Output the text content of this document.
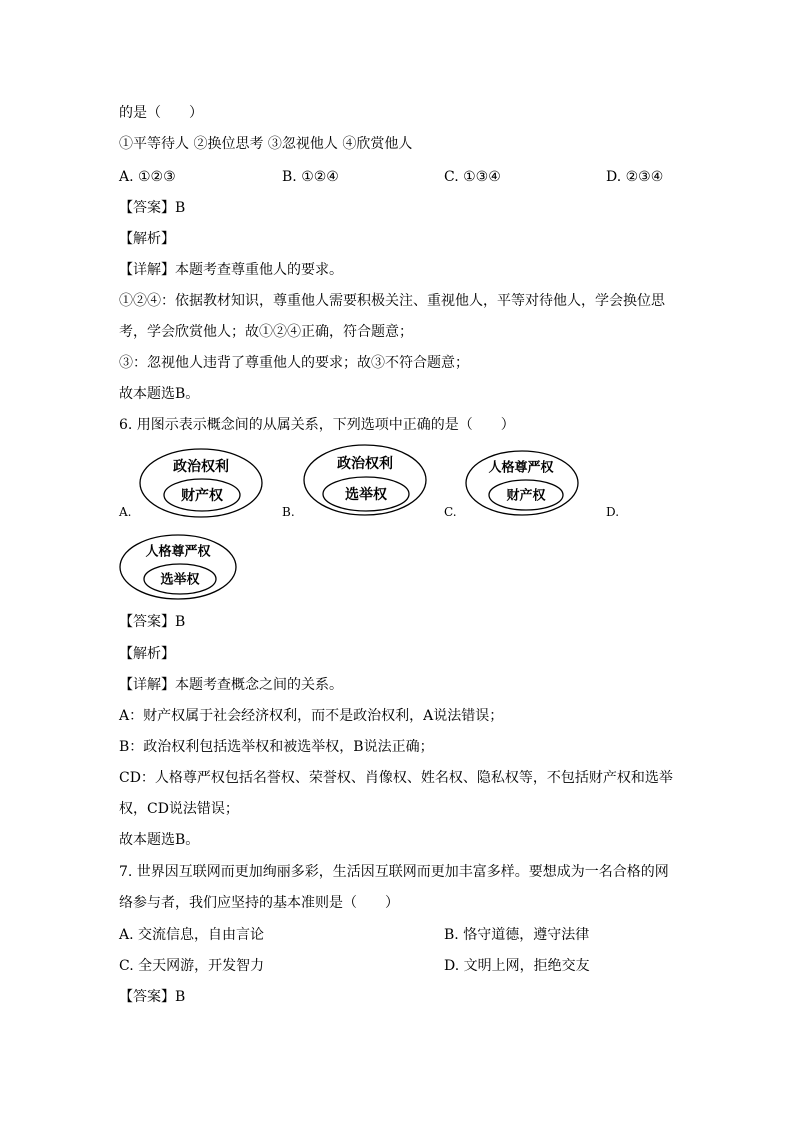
的是（　　）
①平等待人 ②换位思考 ③忽视他人 ④欣赏他人
A. ①②③	B. ①②④	C. ①③④	D. ②③④
【答案】B
【解析】
【详解】本题考查尊重他人的要求。
①②④：依据教材知识，尊重他人需要积极关注、重视他人，平等对待他人，学会换位思
考，学会欣赏他人；故①②④正确，符合题意；
③：忽视他人违背了尊重他人的要求；故③不符合题意；
故本题选B。
6. 用图示表示概念间的从属关系，下列选项中正确的是（　　）
A.
政治权利
财产权
B.
政治权利
选举权
C.
人格尊严权
财产权
D.
人格尊严权
选举权
【答案】B
【解析】
【详解】本题考查概念之间的关系。
A：财产权属于社会经济权利，而不是政治权利，A说法错误；
B：政治权利包括选举权和被选举权，B说法正确；
CD：人格尊严权包括名誉权、荣誉权、肖像权、姓名权、隐私权等，不包括财产权和选举
权，CD说法错误；
故本题选B。
7. 世界因互联网而更加绚丽多彩，生活因互联网而更加丰富多样。要想成为一名合格的网
络参与者，我们应坚持的基本准则是（　　）
A. 交流信息，自由言论	B. 恪守道德，遵守法律
C. 全天网游，开发智力	D. 文明上网，拒绝交友
【答案】B
